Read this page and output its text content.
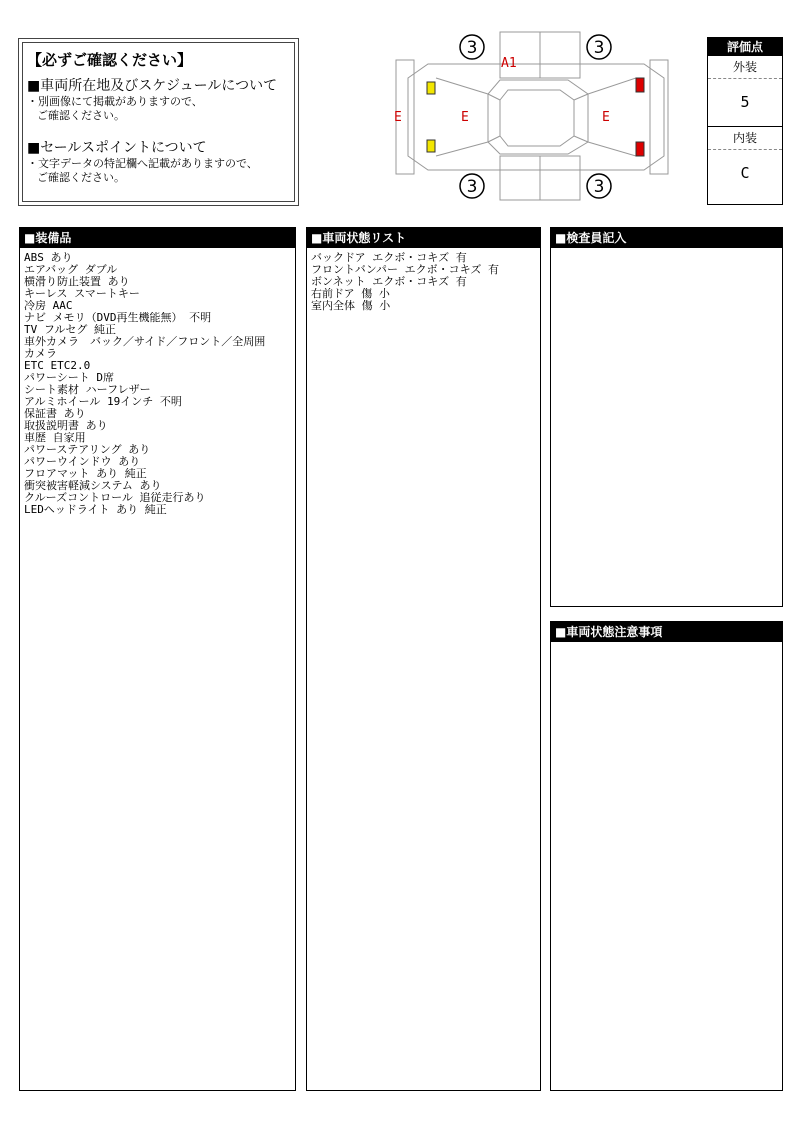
【必ずご確認ください】
■車両所在地及びスケジュールについて
・別画像にて掲載がありますので、
ご確認ください。
■セールスポイントについて
・文字データの特記欄へ記載がありますので、
ご確認ください。
3	3
3	3
A1
E	E	E
評価点
外装
5
内装
C
■装備品
ABS あり
エアバッグ ダブル
横滑り防止装置 あり
キーレス スマートキー
冷房 AAC
ナビ メモリ（DVD再生機能無） 不明
TV フルセグ 純正
車外カメラ　バック／サイド／フロント／全周囲
カメラ
ETC ETC2.0
パワーシート D席
シート素材 ハーフレザー
アルミホイール 19インチ 不明
保証書 あり
取扱説明書 あり
車歴 自家用
パワーステアリング あり
パワーウインドウ あり
フロアマット あり 純正
衝突被害軽減システム あり
クルーズコントロール 追従走行あり
LEDヘッドライト あり 純正
■車両状態リスト
バックドア エクボ・コキズ 有
フロントバンパー エクボ・コキズ 有
ボンネット エクボ・コキズ 有
右前ドア 傷 小
室内全体 傷 小
■検査員記入
■車両状態注意事項
